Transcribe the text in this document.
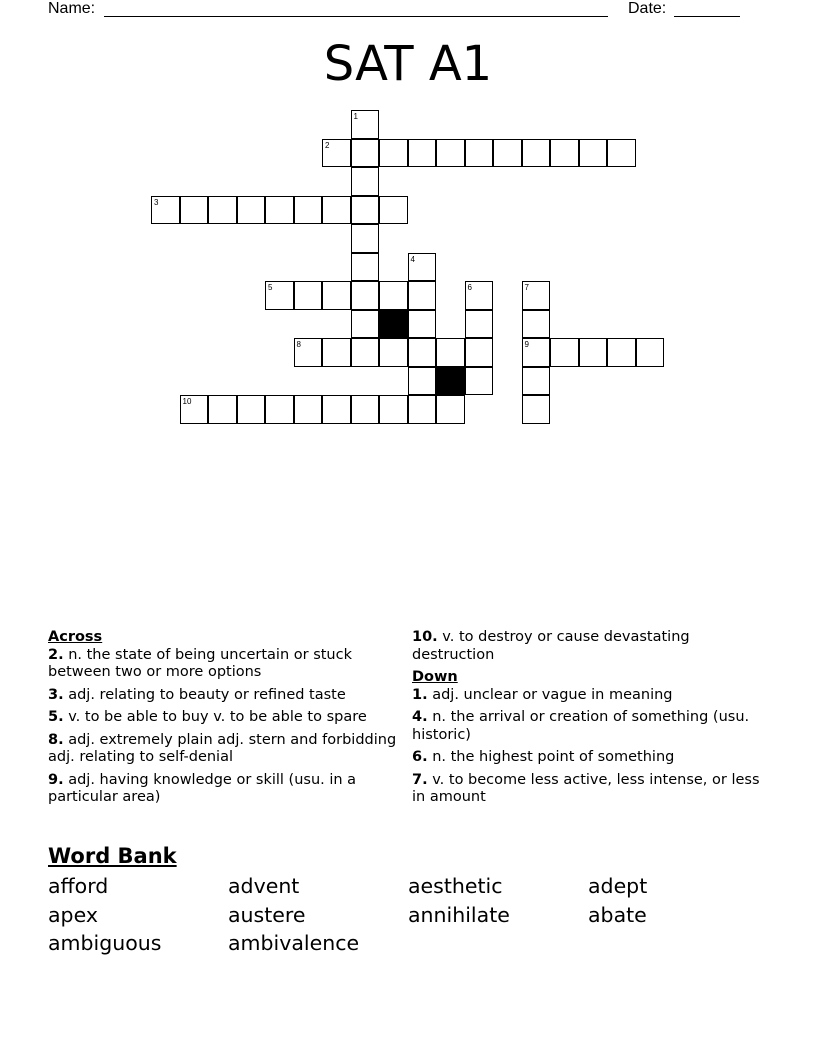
Name:	Date:
SAT A1
1
2
3
4
5	6	7
8	9
10
Across
2. n. the state of being uncertain or stuck between two or more options
3. adj. relating to beauty or refined taste
5. v. to be able to buy v. to be able to spare
8. adj. extremely plain adj. stern and forbidding adj. relating to self-denial
9. adj. having knowledge or skill (usu. in a particular area)
10. v. to destroy or cause devastating destruction
Down
1. adj. unclear or vague in meaning
4. n. the arrival or creation of something (usu. historic)
6. n. the highest point of something
7. v. to become less active, less intense, or less in amount
Word Bank
afford	advent	aesthetic	adept
apex	austere	annihilate	abate
ambiguous	ambivalence
